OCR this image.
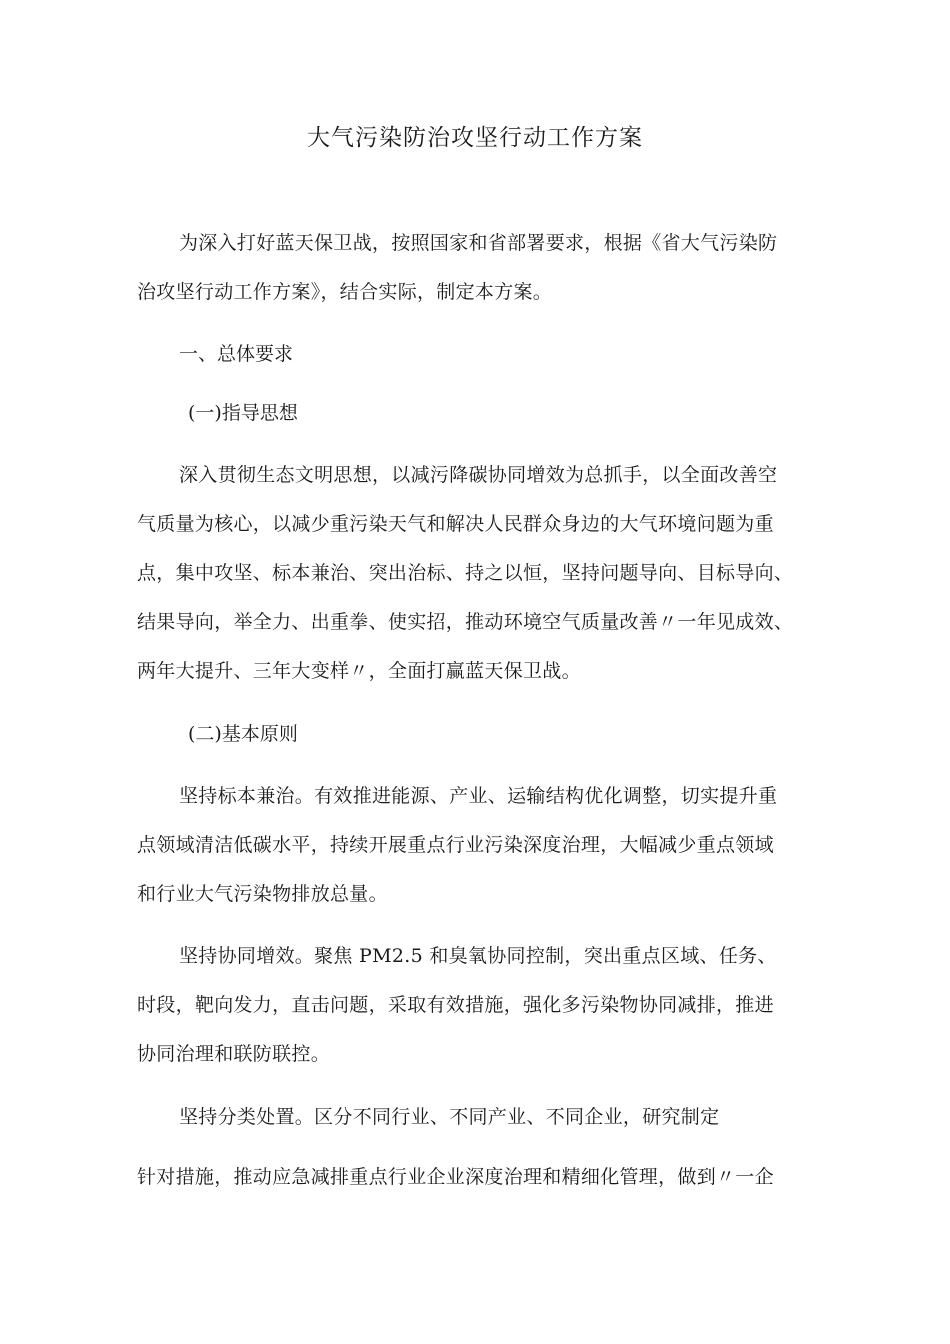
大气污染防治攻坚行动工作方案
为深入打好蓝天保卫战，按照国家和省部署要求，根据《省大气污染防
治攻坚行动工作方案》，结合实际，制定本方案。
一、总体要求
(一)指导思想
深入贯彻生态文明思想，以减污降碳协同增效为总抓手，以全面改善空
气质量为核心，以减少重污染天气和解决人民群众身边的大气环境问题为重
点，集中攻坚、标本兼治、突出治标、持之以恒，坚持问题导向、目标导向、
结果导向，举全力、出重拳、使实招，推动环境空气质量改善〃一年见成效、
两年大提升、三年大变样〃，全面打赢蓝天保卫战。
(二)基本原则
坚持标本兼治。有效推进能源、产业、运输结构优化调整，切实提升重
点领域清洁低碳水平，持续开展重点行业污染深度治理，大幅减少重点领域
和行业大气污染物排放总量。
坚持协同增效。聚焦 PM2.5 和臭氧协同控制，突出重点区域、任务、
时段，靶向发力，直击问题，采取有效措施，强化多污染物协同减排，推进
协同治理和联防联控。
坚持分类处置。区分不同行业、不同产业、不同企业，研究制定
针对措施，推动应急减排重点行业企业深度治理和精细化管理，做到〃一企
